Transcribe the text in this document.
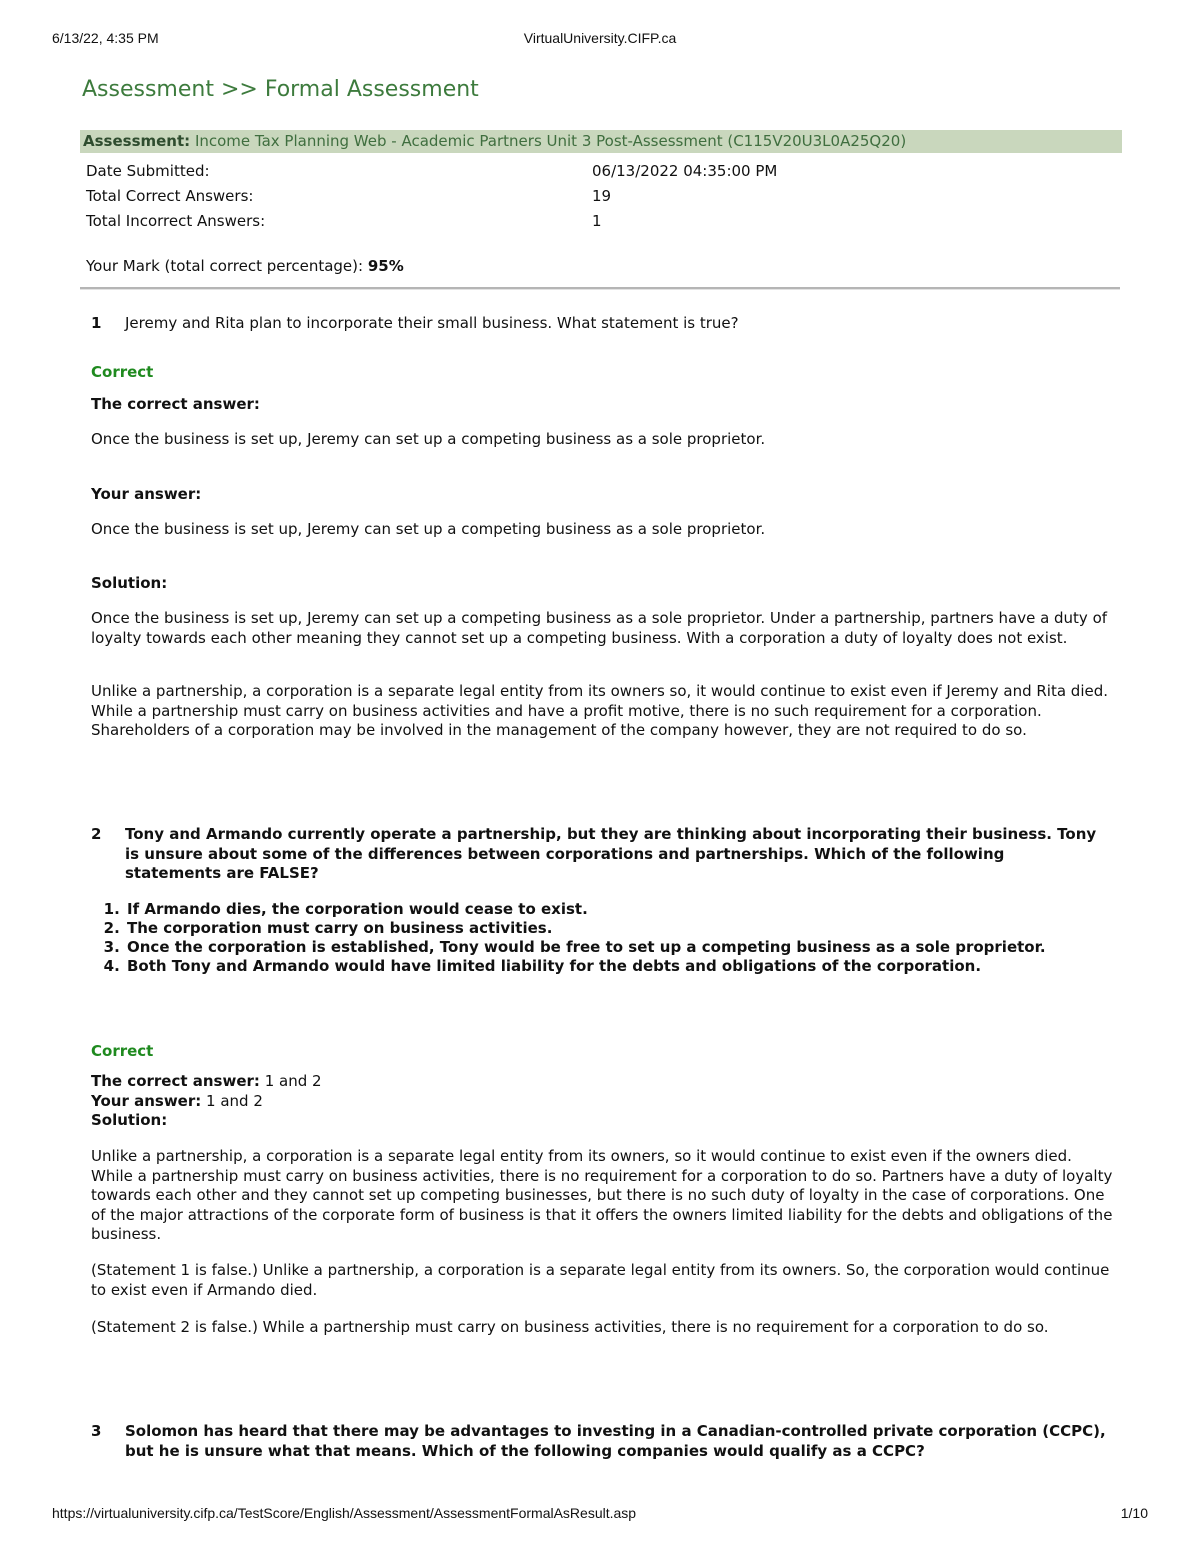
6/13/22, 4:35 PM	VirtualUniversity.CIFP.ca
Assessment >> Formal Assessment
Assessment: Income Tax Planning Web - Academic Partners Unit 3 Post-Assessment (C115V20U3L0A25Q20)
Date Submitted:	06/13/2022 04:35:00 PM
Total Correct Answers:	19
Total Incorrect Answers:	1
Your Mark (total correct percentage): 95%
1 Jeremy and Rita plan to incorporate their small business. What statement is true?
Correct
The correct answer:
Once the business is set up, Jeremy can set up a competing business as a sole proprietor.
Your answer:
Once the business is set up, Jeremy can set up a competing business as a sole proprietor.
Solution:
Once the business is set up, Jeremy can set up a competing business as a sole proprietor. Under a partnership, partners have a duty of loyalty towards each other meaning they cannot set up a competing business. With a corporation a duty of loyalty does not exist.
Unlike a partnership, a corporation is a separate legal entity from its owners so, it would continue to exist even if Jeremy and Rita died. While a partnership must carry on business activities and have a profit motive, there is no such requirement for a corporation. Shareholders of a corporation may be involved in the management of the company however, they are not required to do so.
2 Tony and Armando currently operate a partnership, but they are thinking about incorporating their business. Tony is unsure about some of the differences between corporations and partnerships. Which of the following statements are FALSE?
1. If Armando dies, the corporation would cease to exist.
2. The corporation must carry on business activities.
3. Once the corporation is established, Tony would be free to set up a competing business as a sole proprietor.
4. Both Tony and Armando would have limited liability for the debts and obligations of the corporation.
Correct
The correct answer: 1 and 2
Your answer: 1 and 2
Solution:
Unlike a partnership, a corporation is a separate legal entity from its owners, so it would continue to exist even if the owners died. While a partnership must carry on business activities, there is no requirement for a corporation to do so. Partners have a duty of loyalty towards each other and they cannot set up competing businesses, but there is no such duty of loyalty in the case of corporations. One of the major attractions of the corporate form of business is that it offers the owners limited liability for the debts and obligations of the business.
(Statement 1 is false.) Unlike a partnership, a corporation is a separate legal entity from its owners. So, the corporation would continue to exist even if Armando died.
(Statement 2 is false.) While a partnership must carry on business activities, there is no requirement for a corporation to do so.
3 Solomon has heard that there may be advantages to investing in a Canadian-controlled private corporation (CCPC), but he is unsure what that means. Which of the following companies would qualify as a CCPC?
https://virtualuniversity.cifp.ca/TestScore/English/Assessment/AssessmentFormalAsResult.asp	1/10
